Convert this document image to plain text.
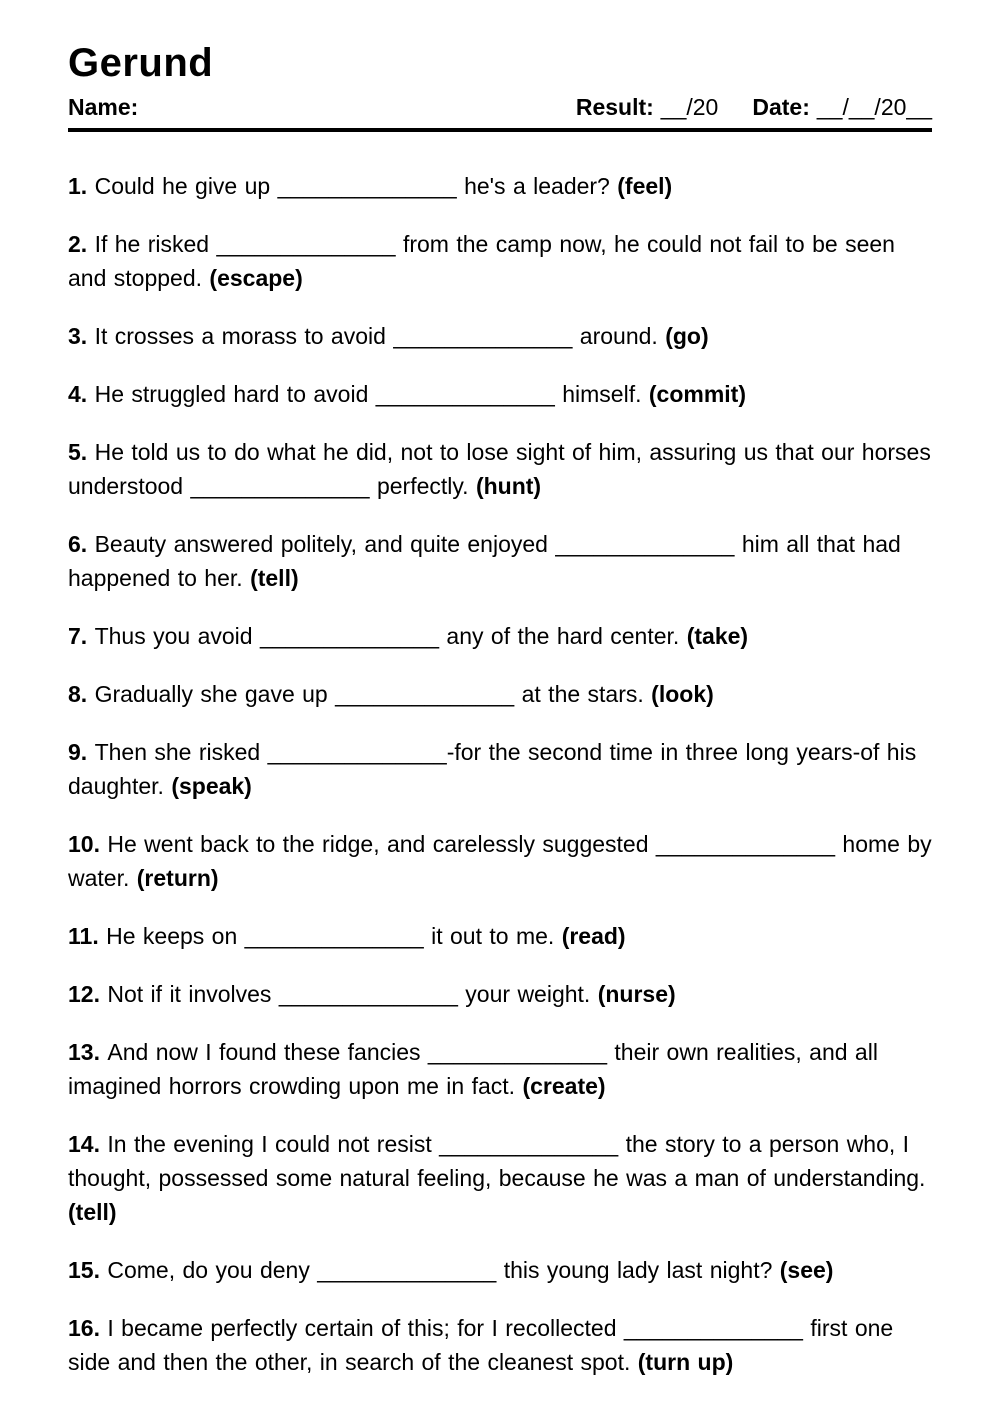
Gerund
Name:	Result: __/20 Date: __/__/20__

1. Could he give up ______________ he's a leader? (feel)

2. If he risked ______________ from the camp now, he could not fail to be seen and stopped. (escape)

3. It crosses a morass to avoid ______________ around. (go)

4. He struggled hard to avoid ______________ himself. (commit)

5. He told us to do what he did, not to lose sight of him, assuring us that our horses understood ______________ perfectly. (hunt)

6. Beauty answered politely, and quite enjoyed ______________ him all that had happened to her. (tell)

7. Thus you avoid ______________ any of the hard center. (take)

8. Gradually she gave up ______________ at the stars. (look)

9. Then she risked ______________-for the second time in three long years-of his daughter. (speak)

10. He went back to the ridge, and carelessly suggested ______________ home by water. (return)

11. He keeps on ______________ it out to me. (read)

12. Not if it involves ______________ your weight. (nurse)

13. And now I found these fancies ______________ their own realities, and all imagined horrors crowding upon me in fact. (create)

14. In the evening I could not resist ______________ the story to a person who, I thought, possessed some natural feeling, because he was a man of understanding. (tell)

15. Come, do you deny ______________ this young lady last night? (see)

16. I became perfectly certain of this; for I recollected ______________ first one side and then the other, in search of the cleanest spot. (turn up)
